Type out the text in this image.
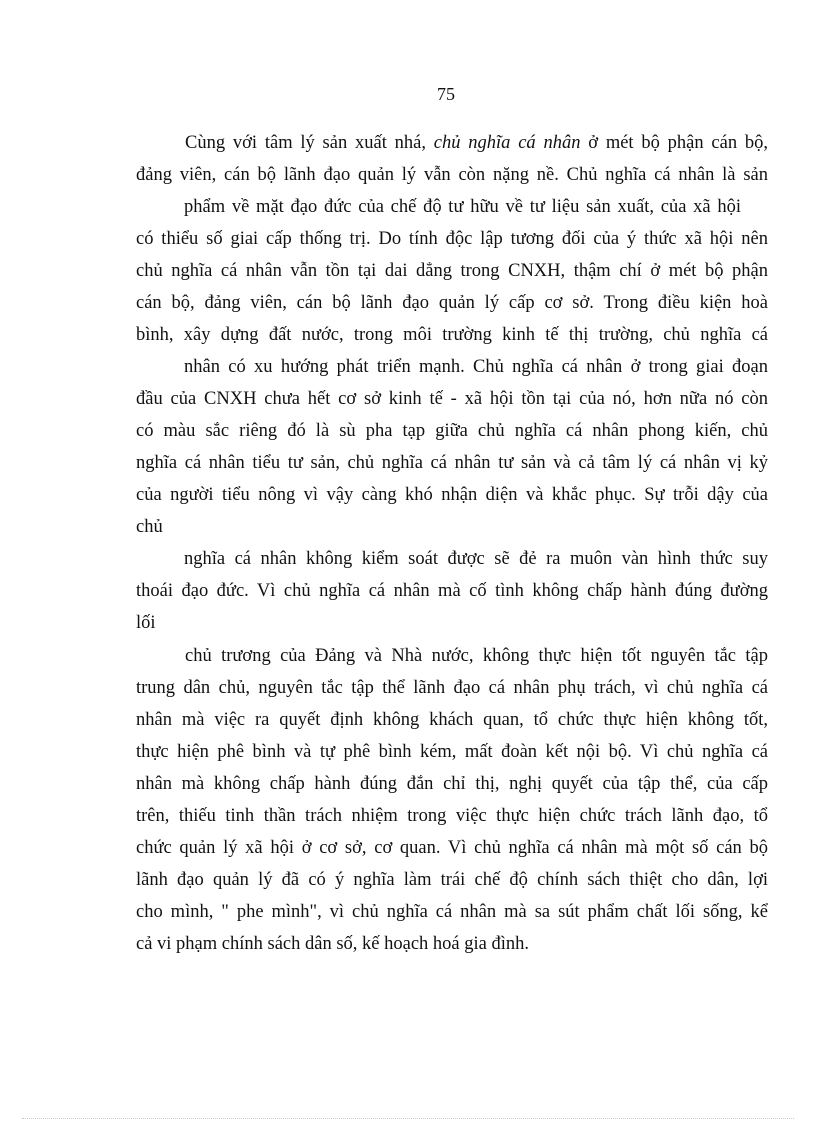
75

Cùng với tâm lý sản xuất nhá, chủ nghĩa cá nhân ở mét bộ phận cán bộ,
đảng viên, cán bộ lãnh đạo quản lý vẫn còn nặng nề. Chủ nghĩa cá nhân là sản
phẩm về mặt đạo đức của chế độ tư hữu về tư liệu sản xuất, của xã hội
có thiểu số giai cấp thống trị. Do tính độc lập tương đối của ý thức xã hội nên
chủ nghĩa cá nhân vẫn tồn tại dai dẳng trong CNXH, thậm chí ở mét bộ phận
cán bộ, đảng viên, cán bộ lãnh đạo quản lý cấp cơ sở. Trong điều kiện hoà
bình, xây dựng đất nước, trong môi trường kinh tế thị trường, chủ nghĩa cá
nhân có xu hướng phát triển mạnh. Chủ nghĩa cá nhân ở trong giai đoạn
đầu của CNXH chưa hết cơ sở kinh tế - xã hội tồn tại của nó, hơn nữa nó còn
có màu sắc riêng đó là sù pha tạp giữa chủ nghĩa cá nhân phong kiến, chủ
nghĩa cá nhân tiểu tư sản, chủ nghĩa cá nhân tư sản và cả tâm lý cá nhân vị kỷ
của người tiểu nông vì vậy càng khó nhận diện và khắc phục. Sự trỗi dậy của
chủ
nghĩa cá nhân không kiểm soát được sẽ đẻ ra muôn vàn hình thức suy
thoái đạo đức. Vì chủ nghĩa cá nhân mà cố tình không chấp hành đúng đường
lối
chủ trương của Đảng và Nhà nước, không thực hiện tốt nguyên tắc tập
trung dân chủ, nguyên tắc tập thể lãnh đạo cá nhân phụ trách, vì chủ nghĩa cá
nhân mà việc ra quyết định không khách quan, tổ chức thực hiện không tốt,
thực hiện phê bình và tự phê bình kém, mất đoàn kết nội bộ. Vì chủ nghĩa cá
nhân mà không chấp hành đúng đắn chỉ thị, nghị quyết của tập thể, của cấp
trên, thiếu tinh thần trách nhiệm trong việc thực hiện chức trách lãnh đạo, tổ
chức quản lý xã hội ở cơ sở, cơ quan. Vì chủ nghĩa cá nhân mà một số cán bộ
lãnh đạo quản lý đã có ý nghĩa làm trái chế độ chính sách thiệt cho dân, lợi
cho mình, " phe mình", vì chủ nghĩa cá nhân mà sa sút phẩm chất lối sống, kể
cả vi phạm chính sách dân số, kế hoạch hoá gia đình.
